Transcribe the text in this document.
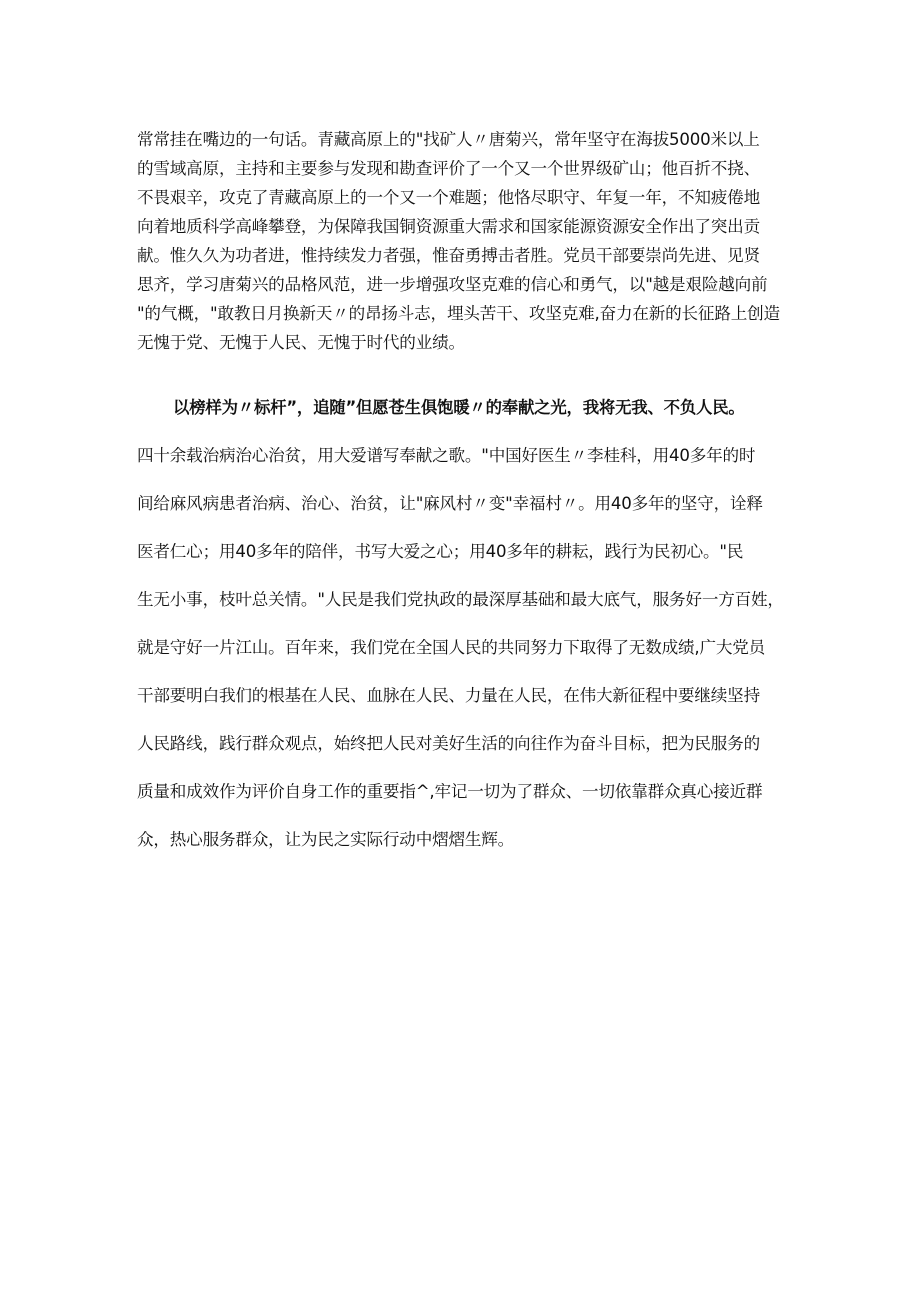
常常挂在嘴边的一句话。青藏高原上的"找矿人〃唐菊兴，常年坚守在海拔5000米以上
的雪域高原，主持和主要参与发现和勘查评价了一个又一个世界级矿山；他百折不挠、
不畏艰辛，攻克了青藏高原上的一个又一个难题；他恪尽职守、年复一年，不知疲倦地
向着地质科学高峰攀登，为保障我国铜资源重大需求和国家能源资源安全作出了突出贡
献。惟久久为功者进，惟持续发力者强，惟奋勇搏击者胜。党员干部要崇尚先进、见贤
思齐，学习唐菊兴的品格风范，进一步增强攻坚克难的信心和勇气，以"越是艰险越向前
"的气概，"敢教日月换新天〃的昂扬斗志，埋头苦干、攻坚克难,奋力在新的长征路上创造
无愧于党、无愧于人民、无愧于时代的业绩。
以榜样为〃标杆”，追随”但愿苍生俱饱暖〃的奉献之光，我将无我、不负人民。
四十余载治病治心治贫，用大爱谱写奉献之歌。"中国好医生〃李桂科，用40多年的时
间给麻风病患者治病、治心、治贫，让"麻风村〃变"幸福村〃。用40多年的坚守，诠释
医者仁心；用40多年的陪伴，书写大爱之心；用40多年的耕耘，践行为民初心。"民
生无小事，枝叶总关情。"人民是我们党执政的最深厚基础和最大底气，服务好一方百姓，
就是守好一片江山。百年来，我们党在全国人民的共同努力下取得了无数成绩,广大党员
干部要明白我们的根基在人民、血脉在人民、力量在人民，在伟大新征程中要继续坚持
人民路线，践行群众观点，始终把人民对美好生活的向往作为奋斗目标，把为民服务的
质量和成效作为评价自身工作的重要指^,牢记一切为了群众、一切依靠群众真心接近群
众，热心服务群众，让为民之实际行动中熠熠生辉。
